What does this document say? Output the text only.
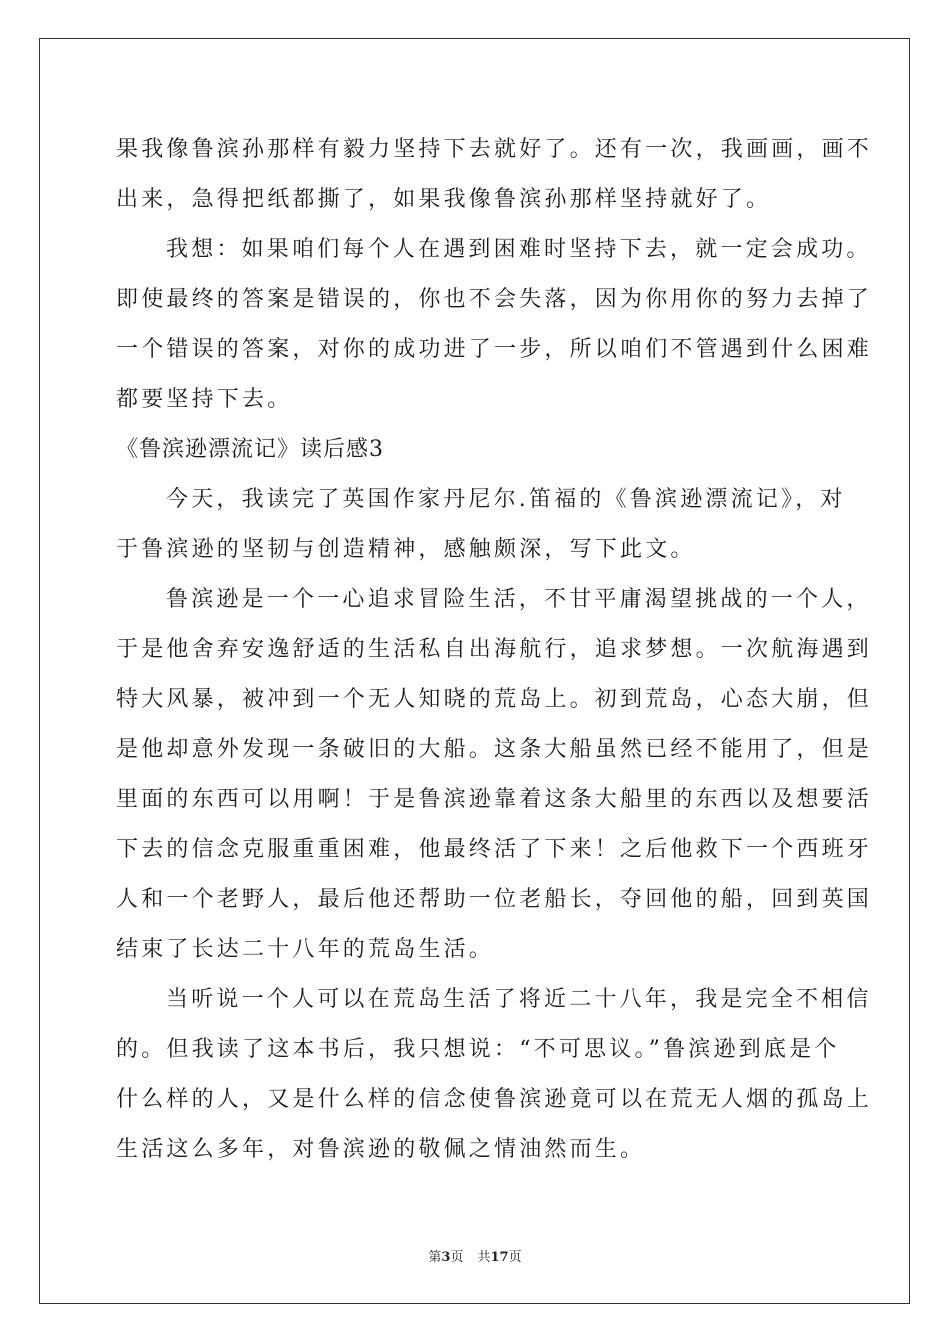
果我像鲁滨孙那样有毅力坚持下去就好了。还有一次，我画画，画不
出来，急得把纸都撕了，如果我像鲁滨孙那样坚持就好了。
我想：如果咱们每个人在遇到困难时坚持下去，就一定会成功。
即使最终的答案是错误的，你也不会失落，因为你用你的努力去掉了
一个错误的答案，对你的成功进了一步，所以咱们不管遇到什么困难
都要坚持下去。
《鲁滨逊漂流记》读后感3
今天，我读完了英国作家丹尼尔.笛福的《鲁滨逊漂流记》，对
于鲁滨逊的坚韧与创造精神，感触颇深，写下此文。
鲁滨逊是一个一心追求冒险生活，不甘平庸渴望挑战的一个人，
于是他舍弃安逸舒适的生活私自出海航行，追求梦想。一次航海遇到
特大风暴，被冲到一个无人知晓的荒岛上。初到荒岛，心态大崩，但
是他却意外发现一条破旧的大船。这条大船虽然已经不能用了，但是
里面的东西可以用啊！于是鲁滨逊靠着这条大船里的东西以及想要活
下去的信念克服重重困难，他最终活了下来！之后他救下一个西班牙
人和一个老野人，最后他还帮助一位老船长，夺回他的船，回到英国
结束了长达二十八年的荒岛生活。
当听说一个人可以在荒岛生活了将近二十八年，我是完全不相信
的。但我读了这本书后，我只想说：“不可思议。”鲁滨逊到底是个
什么样的人，又是什么样的信念使鲁滨逊竟可以在荒无人烟的孤岛上
生活这么多年，对鲁滨逊的敬佩之情油然而生。
第3页 共17页
